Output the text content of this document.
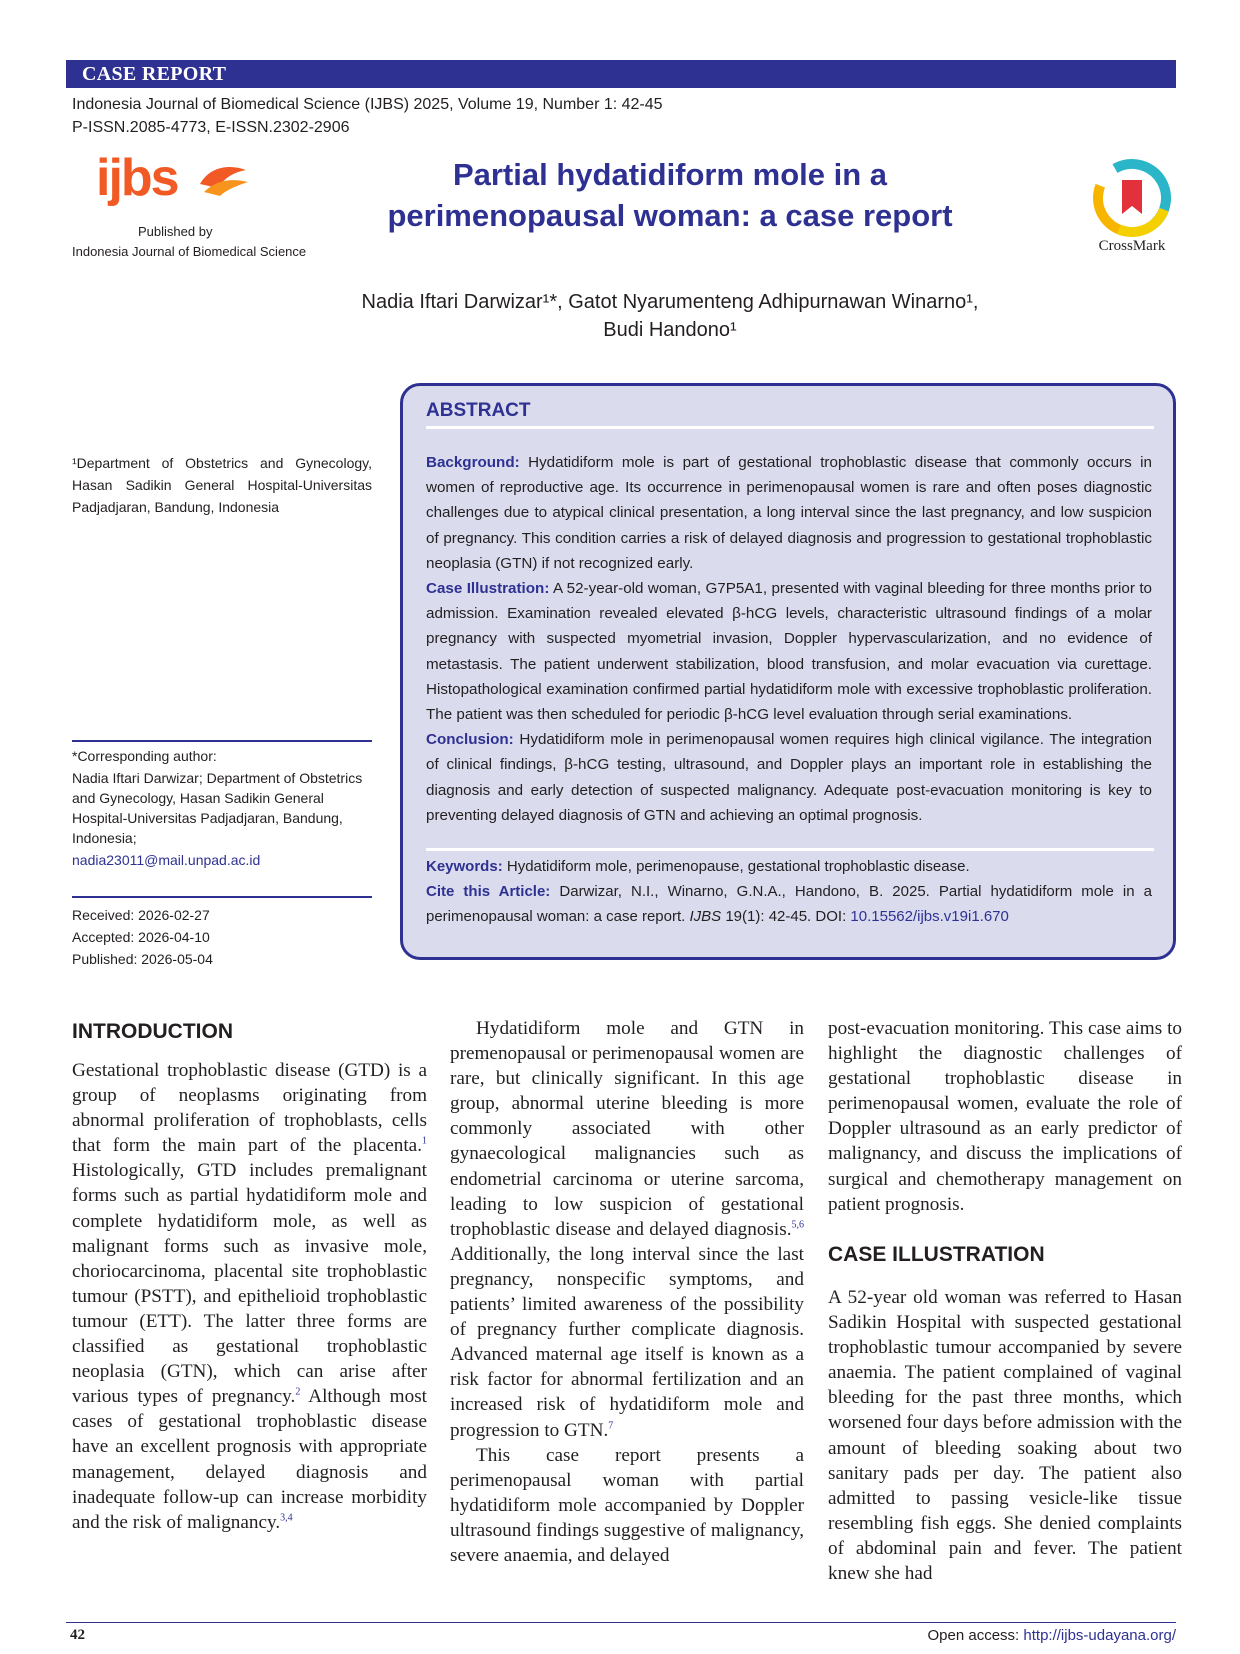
CASE REPORT
Indonesia Journal of Biomedical Science (IJBS) 2025, Volume 19, Number 1: 42-45
P-ISSN.2085-4773, E-ISSN.2302-2906
ijbs
Published by
Indonesia Journal of Biomedical Science
Partial hydatidiform mole in a perimenopausal woman: a case report
CrossMark
Nadia Iftari Darwizar¹*, Gatot Nyarumenteng Adhipurnawan Winarno¹,
Budi Handono¹
¹Department of Obstetrics and Gynecology, Hasan Sadikin General Hospital-Universitas Padjadjaran, Bandung, Indonesia
*Corresponding author:
Nadia Iftari Darwizar; Department of Obstetrics and Gynecology, Hasan Sadikin General Hospital-Universitas Padjadjaran, Bandung, Indonesia;
nadia23011@mail.unpad.ac.id
Received: 2026-02-27
Accepted: 2026-04-10
Published: 2026-05-04
ABSTRACT
Background: Hydatidiform mole is part of gestational trophoblastic disease that commonly occurs in women of reproductive age. Its occurrence in perimenopausal women is rare and often poses diagnostic challenges due to atypical clinical presentation, a long interval since the last pregnancy, and low suspicion of pregnancy. This condition carries a risk of delayed diagnosis and progression to gestational trophoblastic neoplasia (GTN) if not recognized early.
Case Illustration: A 52-year-old woman, G7P5A1, presented with vaginal bleeding for three months prior to admission. Examination revealed elevated β-hCG levels, characteristic ultrasound findings of a molar pregnancy with suspected myometrial invasion, Doppler hypervascularization, and no evidence of metastasis. The patient underwent stabilization, blood transfusion, and molar evacuation via curettage. Histopathological examination confirmed partial hydatidiform mole with excessive trophoblastic proliferation. The patient was then scheduled for periodic β-hCG level evaluation through serial examinations.
Conclusion: Hydatidiform mole in perimenopausal women requires high clinical vigilance. The integration of clinical findings, β-hCG testing, ultrasound, and Doppler plays an important role in establishing the diagnosis and early detection of suspected malignancy. Adequate post-evacuation monitoring is key to preventing delayed diagnosis of GTN and achieving an optimal prognosis.
Keywords: Hydatidiform mole, perimenopause, gestational trophoblastic disease.
Cite this Article: Darwizar, N.I., Winarno, G.N.A., Handono, B. 2025. Partial hydatidiform mole in a perimenopausal woman: a case report. IJBS 19(1): 42-45. DOI: 10.15562/ijbs.v19i1.670
INTRODUCTION

Gestational trophoblastic disease (GTD) is a group of neoplasms originating from abnormal proliferation of trophoblasts, cells that form the main part of the placenta.$^1$ Histologically, GTD includes premalignant forms such as partial hydatidiform mole and complete hydatidiform mole, as well as malignant forms such as invasive mole, choriocarcinoma, placental site trophoblastic tumour (PSTT), and epithelioid trophoblastic tumour (ETT). The latter three forms are classified as gestational trophoblastic neoplasia (GTN), which can arise after various types of pregnancy.$^2$ Although most cases of gestational trophoblastic disease have an excellent prognosis with appropriate management, delayed diagnosis and inadequate follow-up can increase morbidity and the risk of malignancy.$^{3,4}$

Hydatidiform mole and GTN in premenopausal or perimenopausal women are rare, but clinically significant. In this age group, abnormal uterine bleeding is more commonly associated with other gynaecological malignancies such as endometrial carcinoma or uterine sarcoma, leading to low suspicion of gestational trophoblastic disease and delayed diagnosis.$^{5,6}$ Additionally, the long interval since the last pregnancy, nonspecific symptoms, and patients’ limited awareness of the possibility of pregnancy further complicate diagnosis. Advanced maternal age itself is known as a risk factor for abnormal fertilization and an increased risk of hydatidiform mole and progression to GTN.$^7$

This case report presents a perimenopausal woman with partial hydatidiform mole accompanied by Doppler ultrasound findings suggestive of malignancy, severe anaemia, and delayed

post-evacuation monitoring. This case aims to highlight the diagnostic challenges of gestational trophoblastic disease in perimenopausal women, evaluate the role of Doppler ultrasound as an early predictor of malignancy, and discuss the implications of surgical and chemotherapy management on patient prognosis.

CASE ILLUSTRATION

A 52-year old woman was referred to Hasan Sadikin Hospital with suspected gestational trophoblastic tumour accompanied by severe anaemia. The patient complained of vaginal bleeding for the past three months, which worsened four days before admission with the amount of bleeding soaking about two sanitary pads per day. The patient also admitted to passing vesicle-like tissue resembling fish eggs. She denied complaints of abdominal pain and fever. The patient knew she had

42	Open access: http://ijbs-udayana.org/
